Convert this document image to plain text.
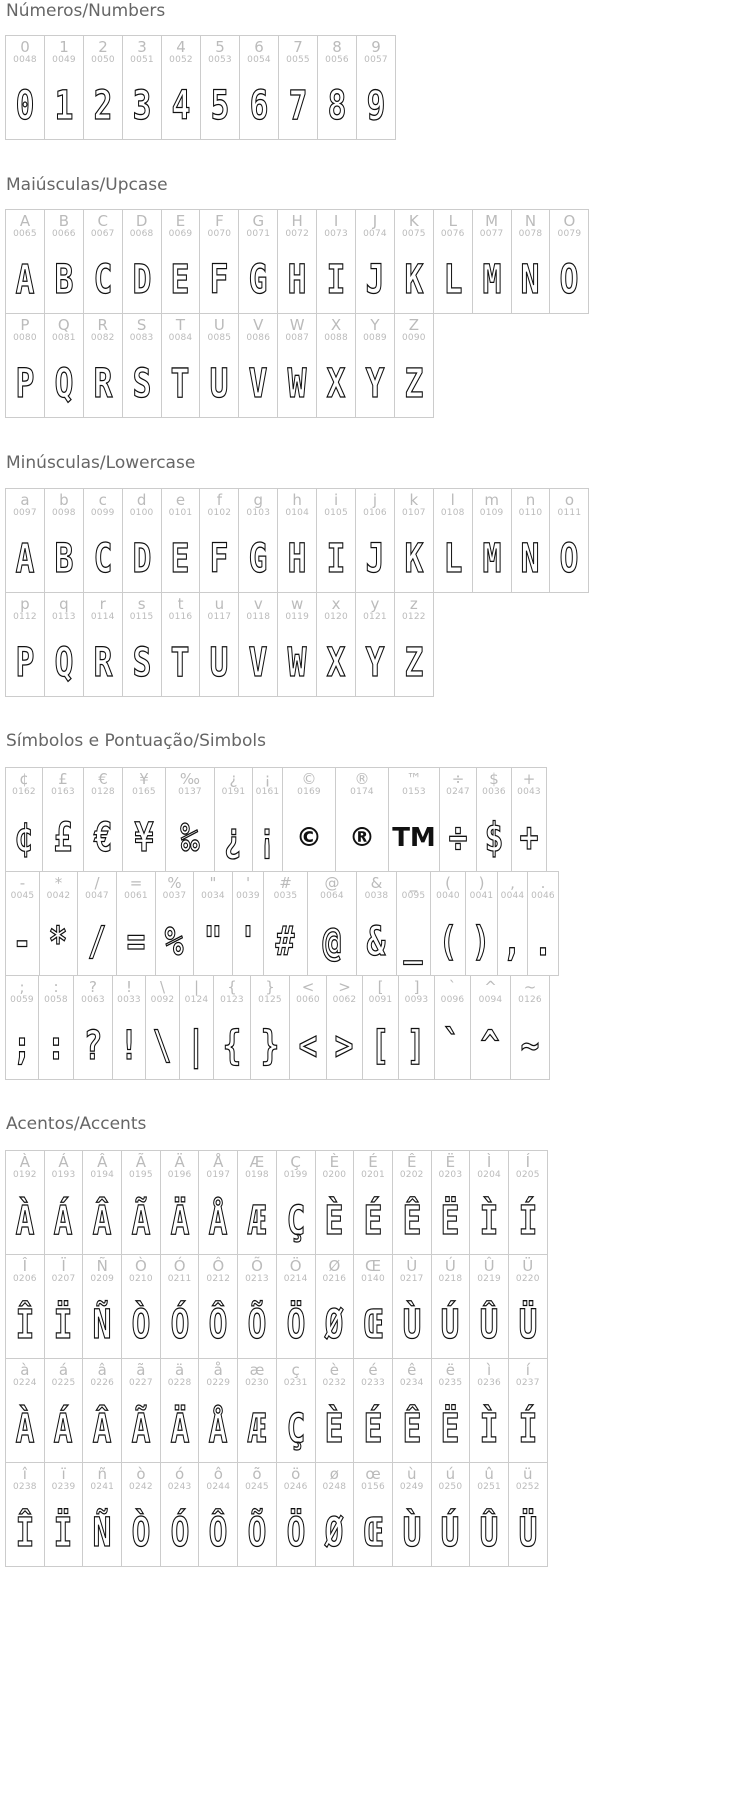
Números/Numbers
0
0048
0
1
0049
1
2
0050
2
3
0051
3
4
0052
4
5
0053
5
6
0054
6
7
0055
7
8
0056
8
9
0057
9
Maiúsculas/Upcase
A
0065
A
B
0066
B
C
0067
C
D
0068
D
E
0069
E
F
0070
F
G
0071
G
H
0072
H
I
0073
I
J
0074
J
K
0075
K
L
0076
L
M
0077
M
N
0078
N
O
0079
O
P
0080
P
Q
0081
Q
R
0082
R
S
0083
S
T
0084
T
U
0085
U
V
0086
V
W
0087
W
X
0088
X
Y
0089
Y
Z
0090
Z
Minúsculas/Lowercase
a
0097
A
b
0098
B
c
0099
C
d
0100
D
e
0101
E
f
0102
F
g
0103
G
h
0104
H
i
0105
I
j
0106
J
k
0107
K
l
0108
L
m
0109
M
n
0110
N
o
0111
O
p
0112
P
q
0113
Q
r
0114
R
s
0115
S
t
0116
T
u
0117
U
v
0118
V
w
0119
W
x
0120
X
y
0121
Y
z
0122
Z
Símbolos e Pontuação/Simbols
¢
0162
¢
£
0163
£
€
0128
€
¥
0165
¥
‰
0137
‰
¿
0191
¿
¡
0161
¡
©
0169
©
®
0174
®
™
0153
TM
÷
0247
÷
$
0036
$
+
0043
+
-
0045
-
*
0042
*
/
0047
/
=
0061
=
%
0037
%
"
0034
"
'
0039
'
#
0035
#
@
0064
@
&
0038
&
_
0095
_
(
0040
(
)
0041
)
,
0044
,
.
0046
.
;
0059
;
:
0058
:
?
0063
?
!
0033
!
\
0092
\
|
0124
|
{
0123
{
}
0125
}
<
0060
<
>
0062
>
[
0091
[
]
0093
]
`
0096
`
^
0094
^
~
0126
~
Acentos/Accents
À
0192
À
Á
0193
Á
Â
0194
Â
Ã
0195
Ã
Ä
0196
Ä
Å
0197
Å
Æ
0198
Æ
Ç
0199
Ç
È
0200
È
É
0201
É
Ê
0202
Ê
Ë
0203
Ë
Ì
0204
Ì
Í
0205
Í
Î
0206
Î
Ï
0207
Ï
Ñ
0209
Ñ
Ò
0210
Ò
Ó
0211
Ó
Ô
0212
Ô
Õ
0213
Õ
Ö
0214
Ö
Ø
0216
Ø
Œ
0140
Œ
Ù
0217
Ù
Ú
0218
Ú
Û
0219
Û
Ü
0220
Ü
à
0224
À
á
0225
Á
â
0226
Â
ã
0227
Ã
ä
0228
Ä
å
0229
Å
æ
0230
Æ
ç
0231
Ç
è
0232
È
é
0233
É
ê
0234
Ê
ë
0235
Ë
ì
0236
Ì
í
0237
Í
î
0238
Î
ï
0239
Ï
ñ
0241
Ñ
ò
0242
Ò
ó
0243
Ó
ô
0244
Ô
õ
0245
Õ
ö
0246
Ö
ø
0248
Ø
œ
0156
Œ
ù
0249
Ù
ú
0250
Ú
û
0251
Û
ü
0252
Ü
